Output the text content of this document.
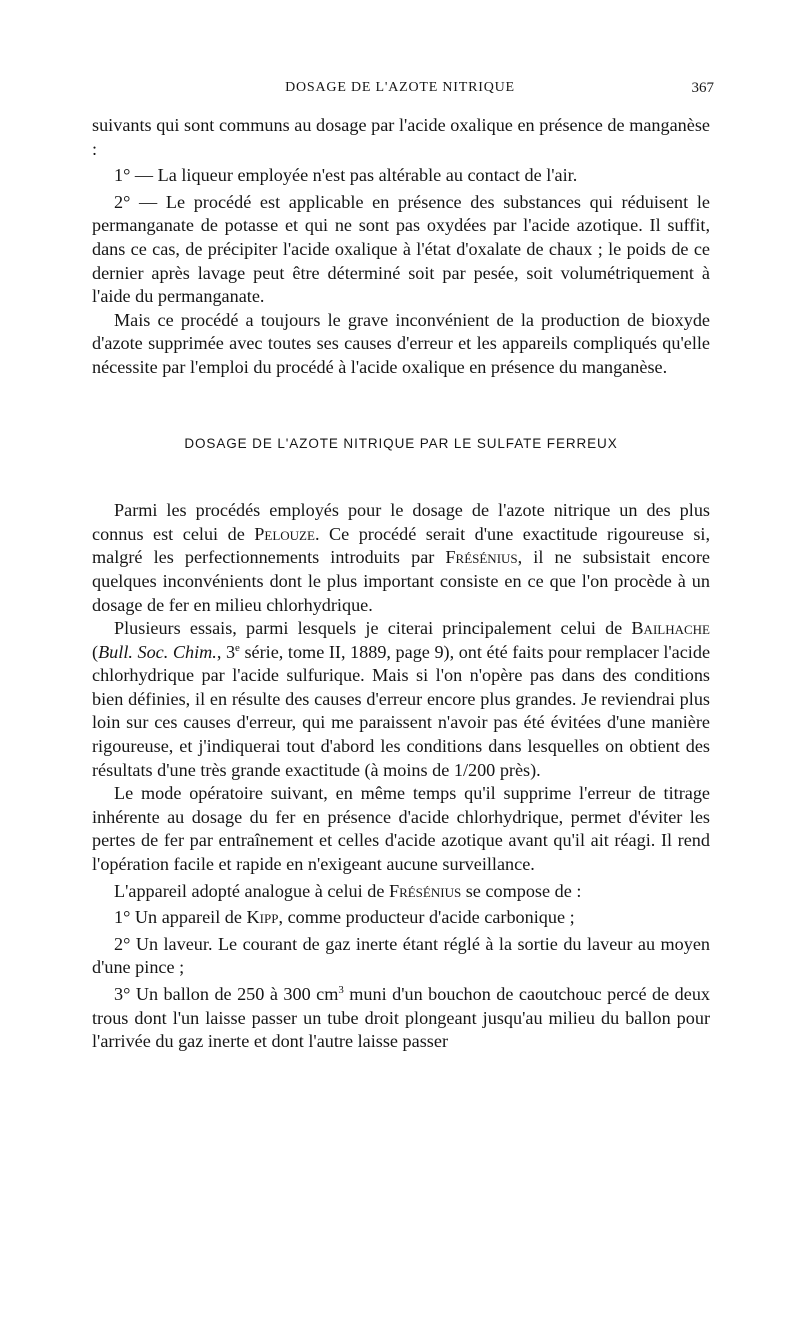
DOSAGE DE L'AZOTE NITRIQUE	367

suivants qui sont communs au dosage par l'acide oxalique en présence de manganèse :

1° — La liqueur employée n'est pas altérable au contact de l'air.

2° — Le procédé est applicable en présence des substances qui réduisent le permanganate de potasse et qui ne sont pas oxydées par l'acide azotique. Il suffit, dans ce cas, de précipiter l'acide oxalique à l'état d'oxalate de chaux ; le poids de ce dernier après lavage peut être déterminé soit par pesée, soit volumétriquement à l'aide du permanganate.

Mais ce procédé a toujours le grave inconvénient de la production de bioxyde d'azote supprimée avec toutes ses causes d'erreur et les appareils compliqués qu'elle nécessite par l'emploi du procédé à l'acide oxalique en présence du manganèse.

DOSAGE DE L'AZOTE NITRIQUE PAR LE SULFATE FERREUX

Parmi les procédés employés pour le dosage de l'azote nitrique un des plus connus est celui de Pelouze. Ce procédé serait d'une exactitude rigoureuse si, malgré les perfectionnements introduits par Frésénius, il ne subsistait encore quelques inconvénients dont le plus important consiste en ce que l'on procède à un dosage de fer en milieu chlorhydrique.

Plusieurs essais, parmi lesquels je citerai principalement celui de Bailhache (Bull. Soc. Chim., 3e série, tome II, 1889, page 9), ont été faits pour remplacer l'acide chlorhydrique par l'acide sulfurique. Mais si l'on n'opère pas dans des conditions bien définies, il en résulte des causes d'erreur encore plus grandes. Je reviendrai plus loin sur ces causes d'erreur, qui me paraissent n'avoir pas été évitées d'une manière rigoureuse, et j'indiquerai tout d'abord les conditions dans lesquelles on obtient des résultats d'une très grande exactitude (à moins de 1/200 près).

Le mode opératoire suivant, en même temps qu'il supprime l'erreur de titrage inhérente au dosage du fer en présence d'acide chlorhydrique, permet d'éviter les pertes de fer par entraînement et celles d'acide azotique avant qu'il ait réagi. Il rend l'opération facile et rapide en n'exigeant aucune surveillance.

L'appareil adopté analogue à celui de Frésénius se compose de :

1° Un appareil de Kipp, comme producteur d'acide carbonique ;

2° Un laveur. Le courant de gaz inerte étant réglé à la sortie du laveur au moyen d'une pince ;

3° Un ballon de 250 à 300 $cm^3$ muni d'un bouchon de caoutchouc percé de deux trous dont l'un laisse passer un tube droit plongeant jusqu'au milieu du ballon pour l'arrivée du gaz inerte et dont l'autre laisse passer
